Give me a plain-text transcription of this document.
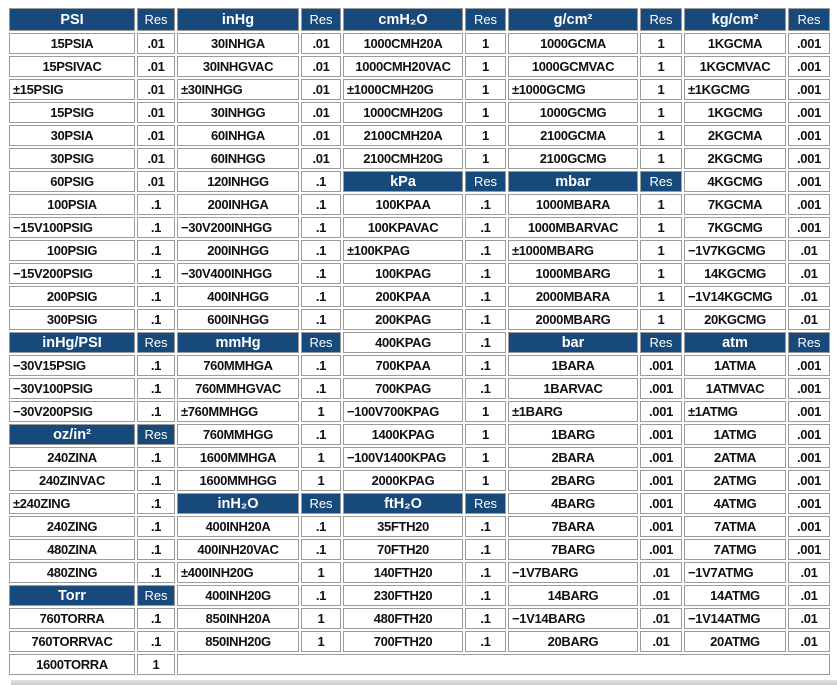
PSI	Res	inHg	Res	cmH₂O	Res	g/cm²	Res	kg/cm²	Res
15PSIA	.01	30INHGA	.01	1000CMH20A	1	1000GCMA	1	1KGCMA	.001
15PSIVAC	.01	30INHGVAC	.01	1000CMH20VAC	1	1000GCMVAC	1	1KGCMVAC	.001
±15PSIG	.01	±30INHGG	.01	±1000CMH20G	1	±1000GCMG	1	±1KGCMG	.001
15PSIG	.01	30INHGG	.01	1000CMH20G	1	1000GCMG	1	1KGCMG	.001
30PSIA	.01	60INHGA	.01	2100CMH20A	1	2100GCMA	1	2KGCMA	.001
30PSIG	.01	60INHGG	.01	2100CMH20G	1	2100GCMG	1	2KGCMG	.001
60PSIG	.01	120INHGG	.1	kPa	Res	mbar	Res	4KGCMG	.001
100PSIA	.1	200INHGA	.1	100KPAA	.1	1000MBARA	1	7KGCMA	.001
−15V100PSIG	.1	−30V200INHGG	.1	100KPAVAC	.1	1000MBARVAC	1	7KGCMG	.001
100PSIG	.1	200INHGG	.1	±100KPAG	.1	±1000MBARG	1	−1V7KGCMG	.01
−15V200PSIG	.1	−30V400INHGG	.1	100KPAG	.1	1000MBARG	1	14KGCMG	.01
200PSIG	.1	400INHGG	.1	200KPAA	.1	2000MBARA	1	−1V14KGCMG	.01
300PSIG	.1	600INHGG	.1	200KPAG	.1	2000MBARG	1	20KGCMG	.01
inHg/PSI	Res	mmHg	Res	400KPAG	.1	bar	Res	atm	Res
−30V15PSIG	.1	760MMHGA	.1	700KPAA	.1	1BARA	.001	1ATMA	.001
−30V100PSIG	.1	760MMHGVAC	.1	700KPAG	.1	1BARVAC	.001	1ATMVAC	.001
−30V200PSIG	.1	±760MMHGG	1	−100V700KPAG	1	±1BARG	.001	±1ATMG	.001
oz/in²	Res	760MMHGG	.1	1400KPAG	1	1BARG	.001	1ATMG	.001
240ZINA	.1	1600MMHGA	1	−100V1400KPAG	1	2BARA	.001	2ATMA	.001
240ZINVAC	.1	1600MMHGG	1	2000KPAG	1	2BARG	.001	2ATMG	.001
±240ZING	.1	inH₂O	Res	ftH₂O	Res	4BARG	.001	4ATMG	.001
240ZING	.1	400INH20A	.1	35FTH20	.1	7BARA	.001	7ATMA	.001
480ZINA	.1	400INH20VAC	.1	70FTH20	.1	7BARG	.001	7ATMG	.001
480ZING	.1	±400INH20G	1	140FTH20	.1	−1V7BARG	.01	−1V7ATMG	.01
Torr	Res	400INH20G	.1	230FTH20	.1	14BARG	.01	14ATMG	.01
760TORRA	.1	850INH20A	1	480FTH20	.1	−1V14BARG	.01	−1V14ATMG	.01
760TORRVAC	.1	850INH20G	1	700FTH20	.1	20BARG	.01	20ATMG	.01
1600TORRA	1								
